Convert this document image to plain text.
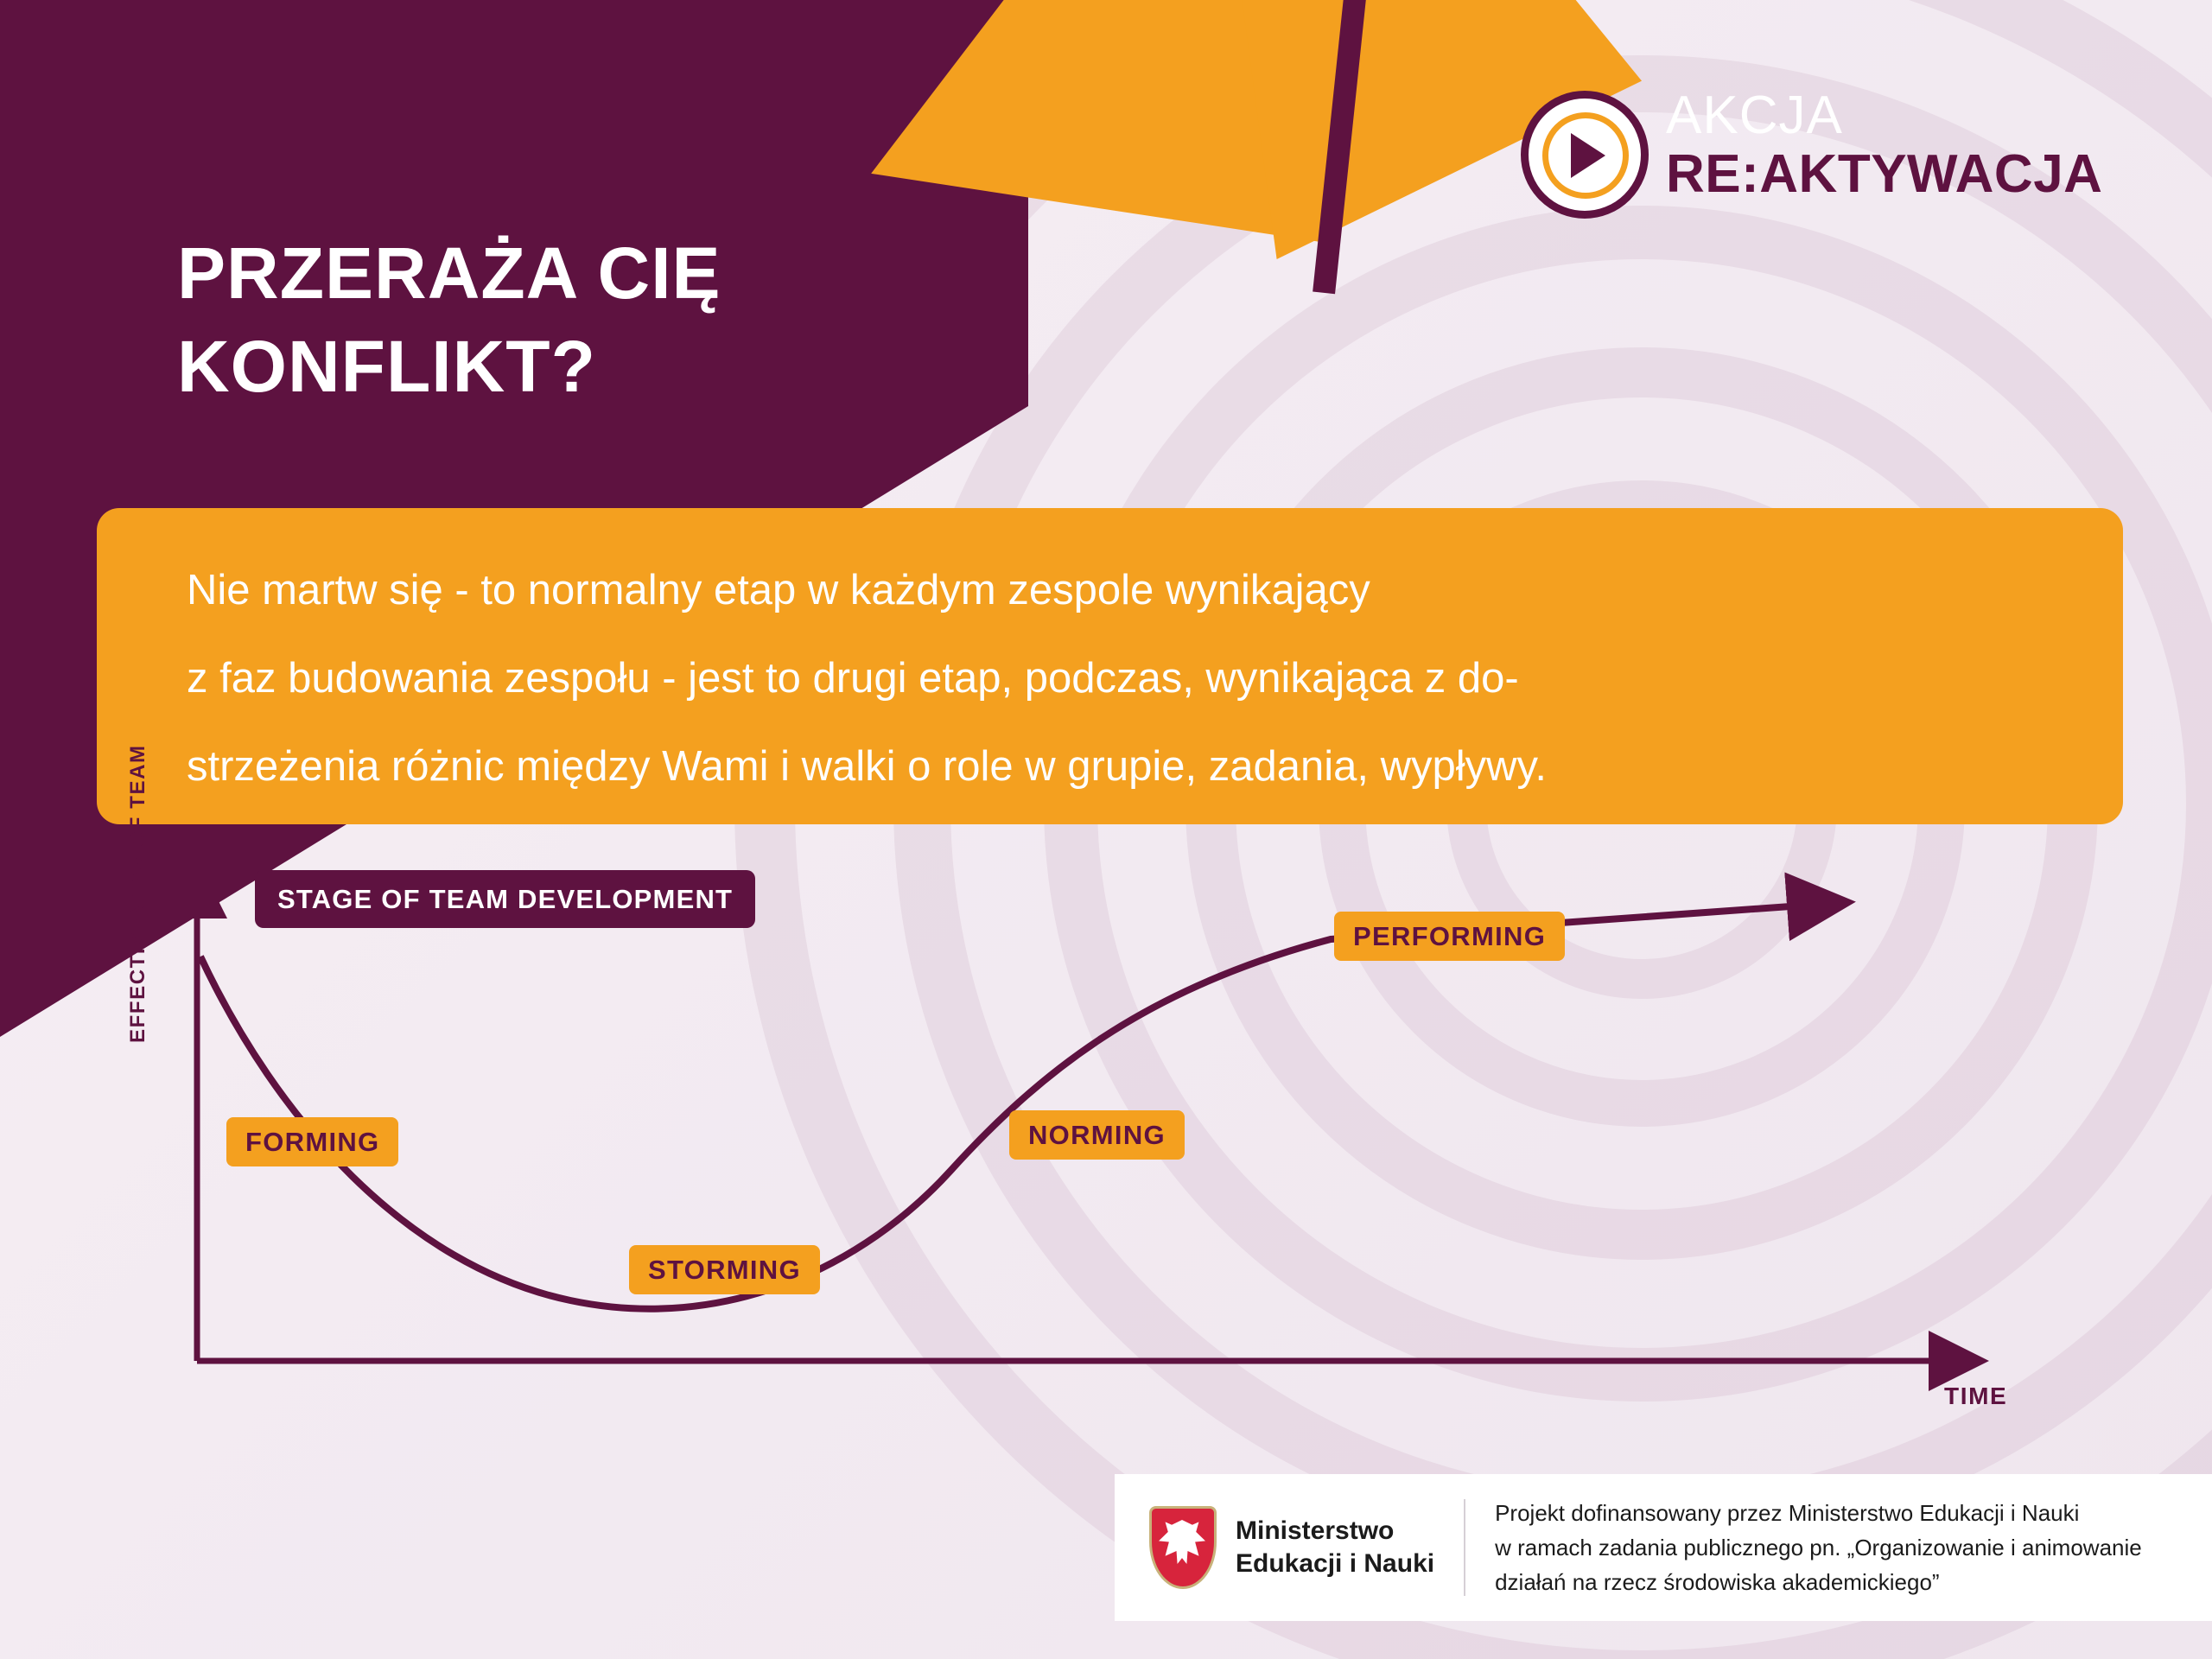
AKCJA
RE:AKTYWACJA
PRZERAŻA CIĘ KONFLIKT?

Nie martw się - to normalny etap w każdym zespole wynikający

z faz budowania zespołu - jest to drugi etap, podczas, wynikająca z do-

strzeżenia różnic między Wami i walki o role w grupie, zadania, wypływy.

STAGE OF TEAM DEVELOPMENT
EFFECTIVENESS OF TEAM
TIME
FORMING
STORMING
NORMING
PERFORMING
Ministerstwo
Edukacji i Nauki
Projekt dofinansowany przez Ministerstwo Edukacji i Nauki
w ramach zadania publicznego pn. „Organizowanie i animowanie
działań na rzecz środowiska akademickiego”
